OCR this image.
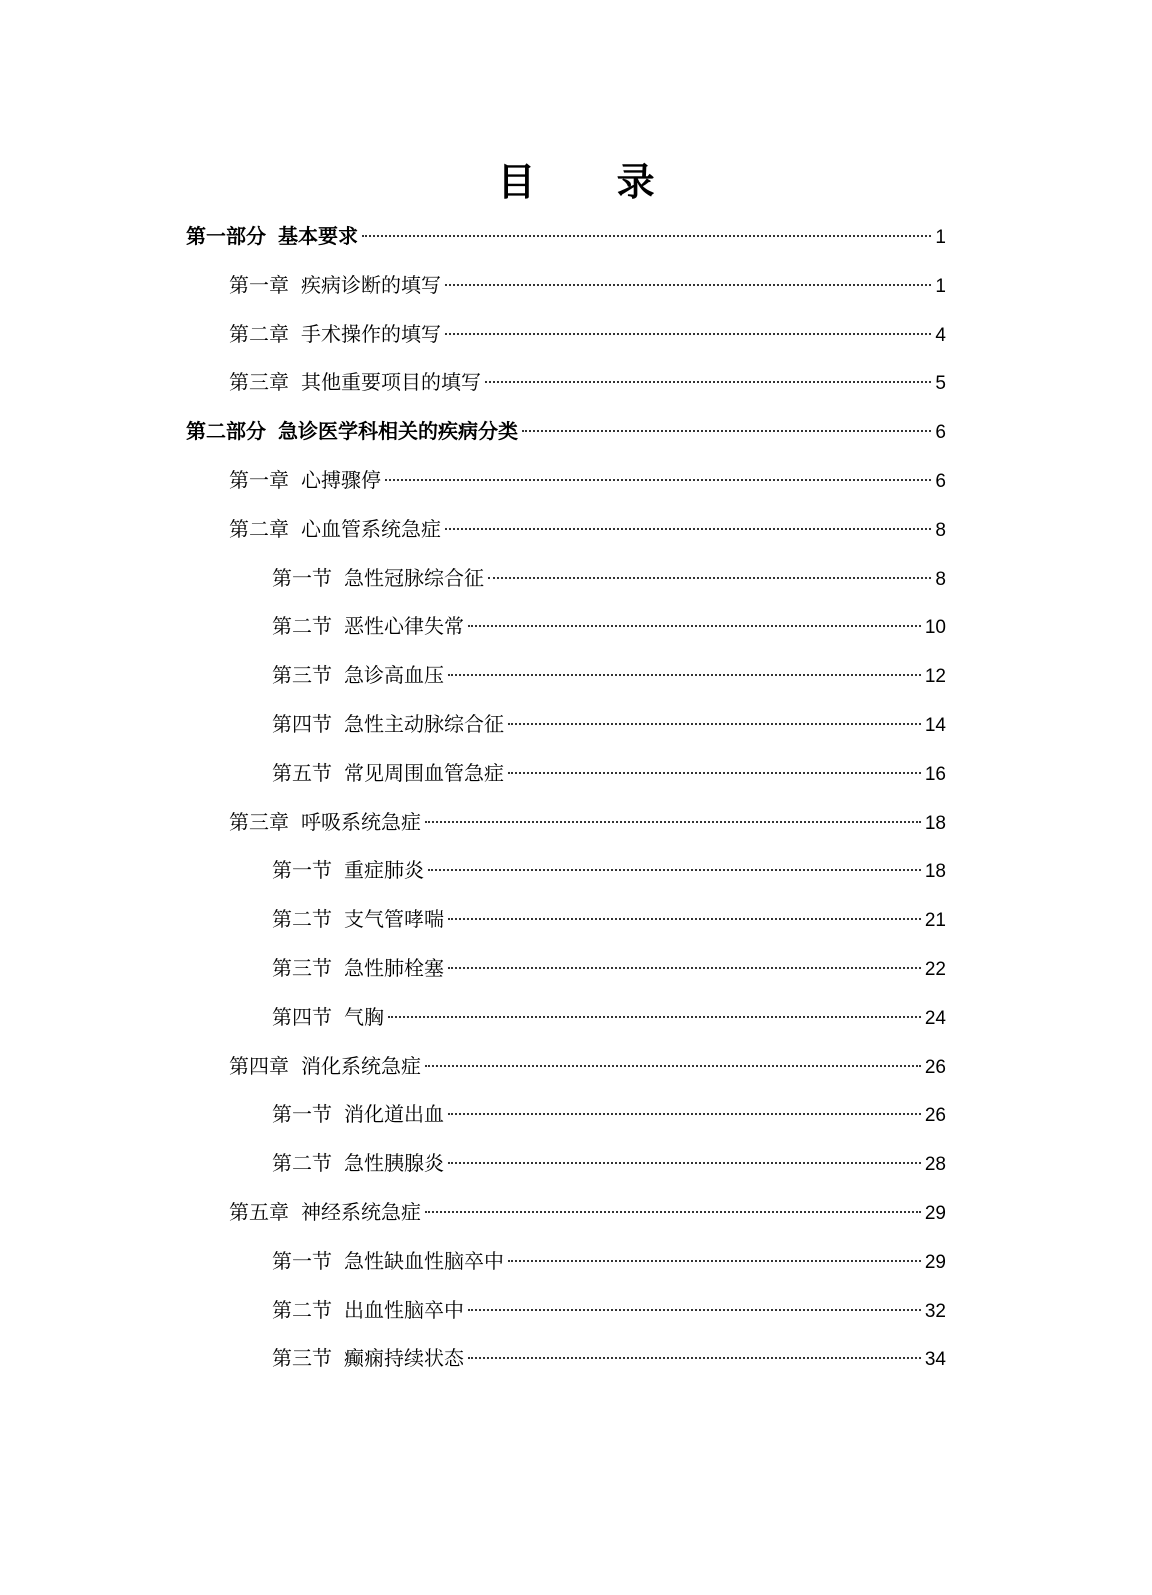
目 录
第一部分 基本要求	1
第一章 疾病诊断的填写	1
第二章 手术操作的填写	4
第三章 其他重要项目的填写	5
第二部分 急诊医学科相关的疾病分类	6
第一章 心搏骤停	6
第二章 心血管系统急症	8
第一节 急性冠脉综合征	8
第二节 恶性心律失常	10
第三节 急诊高血压	12
第四节 急性主动脉综合征	14
第五节 常见周围血管急症	16
第三章 呼吸系统急症	18
第一节 重症肺炎	18
第二节 支气管哮喘	21
第三节 急性肺栓塞	22
第四节 气胸	24
第四章 消化系统急症	26
第一节 消化道出血	26
第二节 急性胰腺炎	28
第五章 神经系统急症	29
第一节 急性缺血性脑卒中	29
第二节 出血性脑卒中	32
第三节 癫痫持续状态	34
